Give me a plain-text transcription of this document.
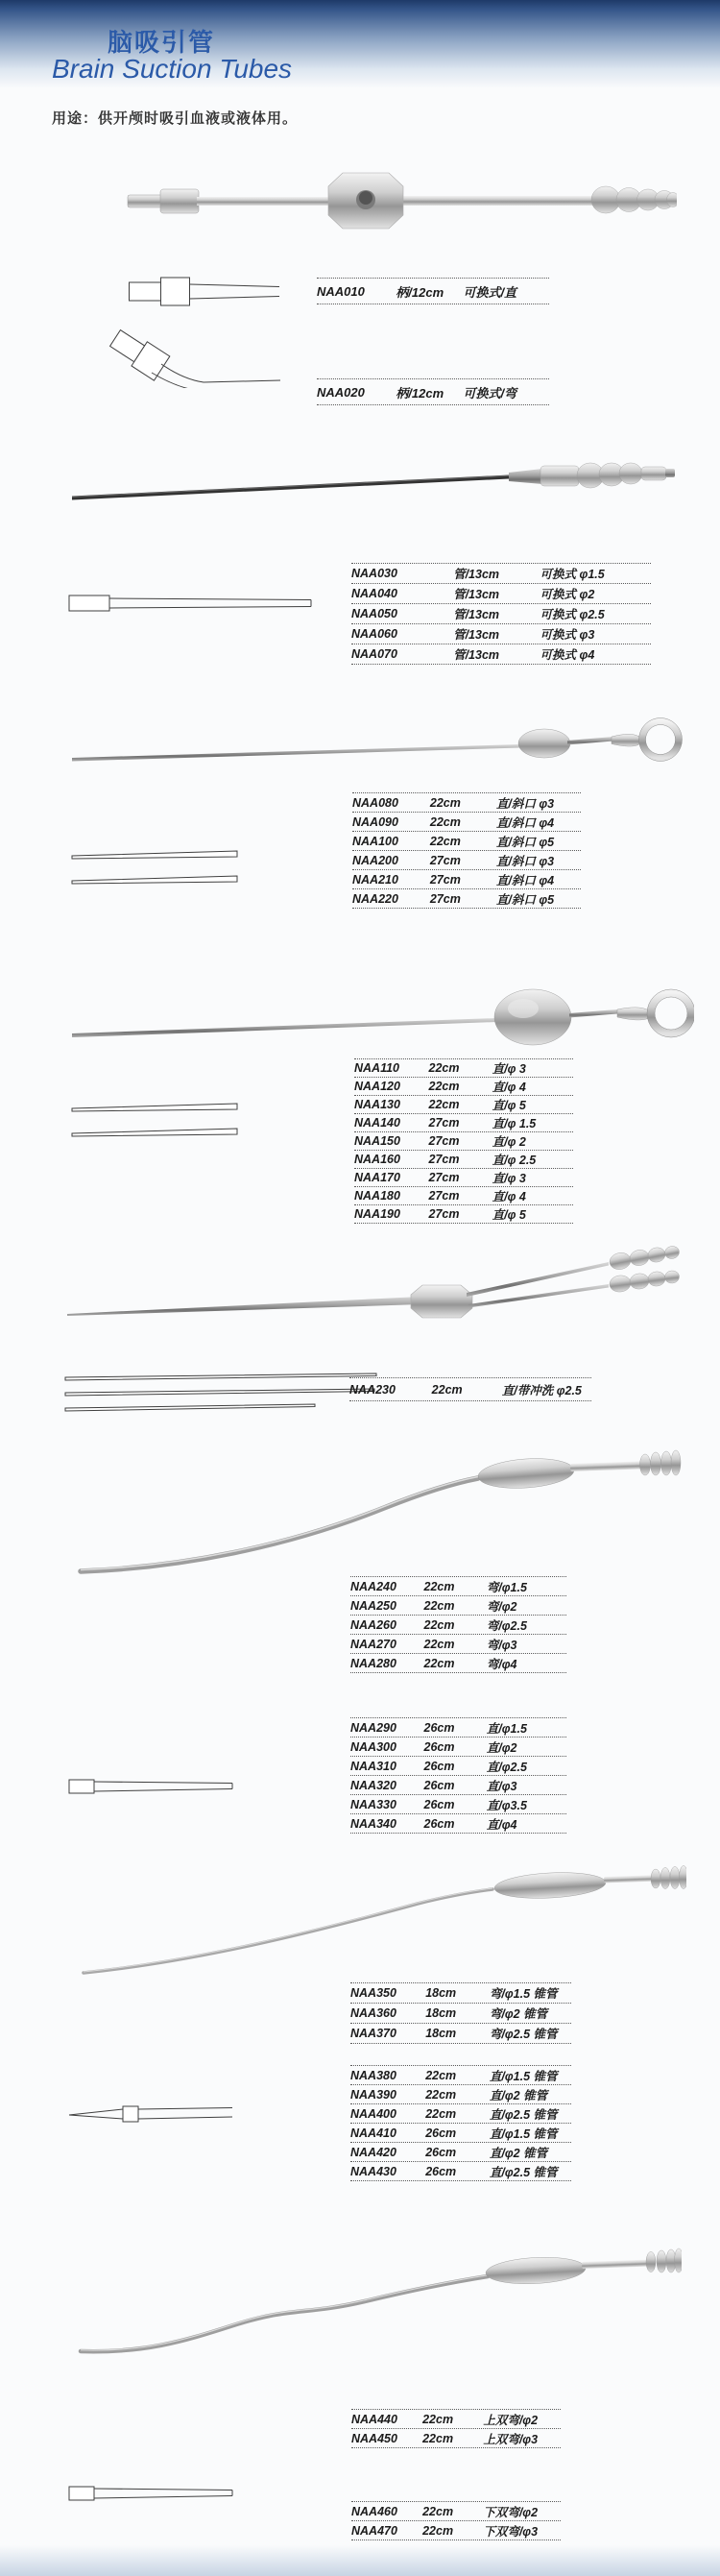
脑吸引管
Brain Suction Tubes
用途：供开颅时吸引血液或液体用。
NAA010	柄/12cm	可换式/直
NAA020	柄/12cm	可换式/弯
NAA030	管/13cm	可换式 φ1.5
NAA040	管/13cm	可换式 φ2
NAA050	管/13cm	可换式 φ2.5
NAA060	管/13cm	可换式 φ3
NAA070	管/13cm	可换式 φ4
NAA080	22cm	直/斜口 φ3
NAA090	22cm	直/斜口 φ4
NAA100	22cm	直/斜口 φ5
NAA200	27cm	直/斜口 φ3
NAA210	27cm	直/斜口 φ4
NAA220	27cm	直/斜口 φ5
NAA110	22cm	直/φ 3
NAA120	22cm	直/φ 4
NAA130	22cm	直/φ 5
NAA140	27cm	直/φ 1.5
NAA150	27cm	直/φ 2
NAA160	27cm	直/φ 2.5
NAA170	27cm	直/φ 3
NAA180	27cm	直/φ 4
NAA190	27cm	直/φ 5
NAA230	22cm	直/带冲洗 φ2.5
NAA240	22cm	弯/φ1.5
NAA250	22cm	弯/φ2
NAA260	22cm	弯/φ2.5
NAA270	22cm	弯/φ3
NAA280	22cm	弯/φ4
NAA290	26cm	直/φ1.5
NAA300	26cm	直/φ2
NAA310	26cm	直/φ2.5
NAA320	26cm	直/φ3
NAA330	26cm	直/φ3.5
NAA340	26cm	直/φ4
NAA350	18cm	弯/φ1.5 锥管
NAA360	18cm	弯/φ2 锥管
NAA370	18cm	弯/φ2.5 锥管
NAA380	22cm	直/φ1.5 锥管
NAA390	22cm	直/φ2 锥管
NAA400	22cm	直/φ2.5 锥管
NAA410	26cm	直/φ1.5 锥管
NAA420	26cm	直/φ2 锥管
NAA430	26cm	直/φ2.5 锥管
NAA440	22cm	上双弯/φ2
NAA450	22cm	上双弯/φ3
NAA460	22cm	下双弯/φ2
NAA470	22cm	下双弯/φ3
